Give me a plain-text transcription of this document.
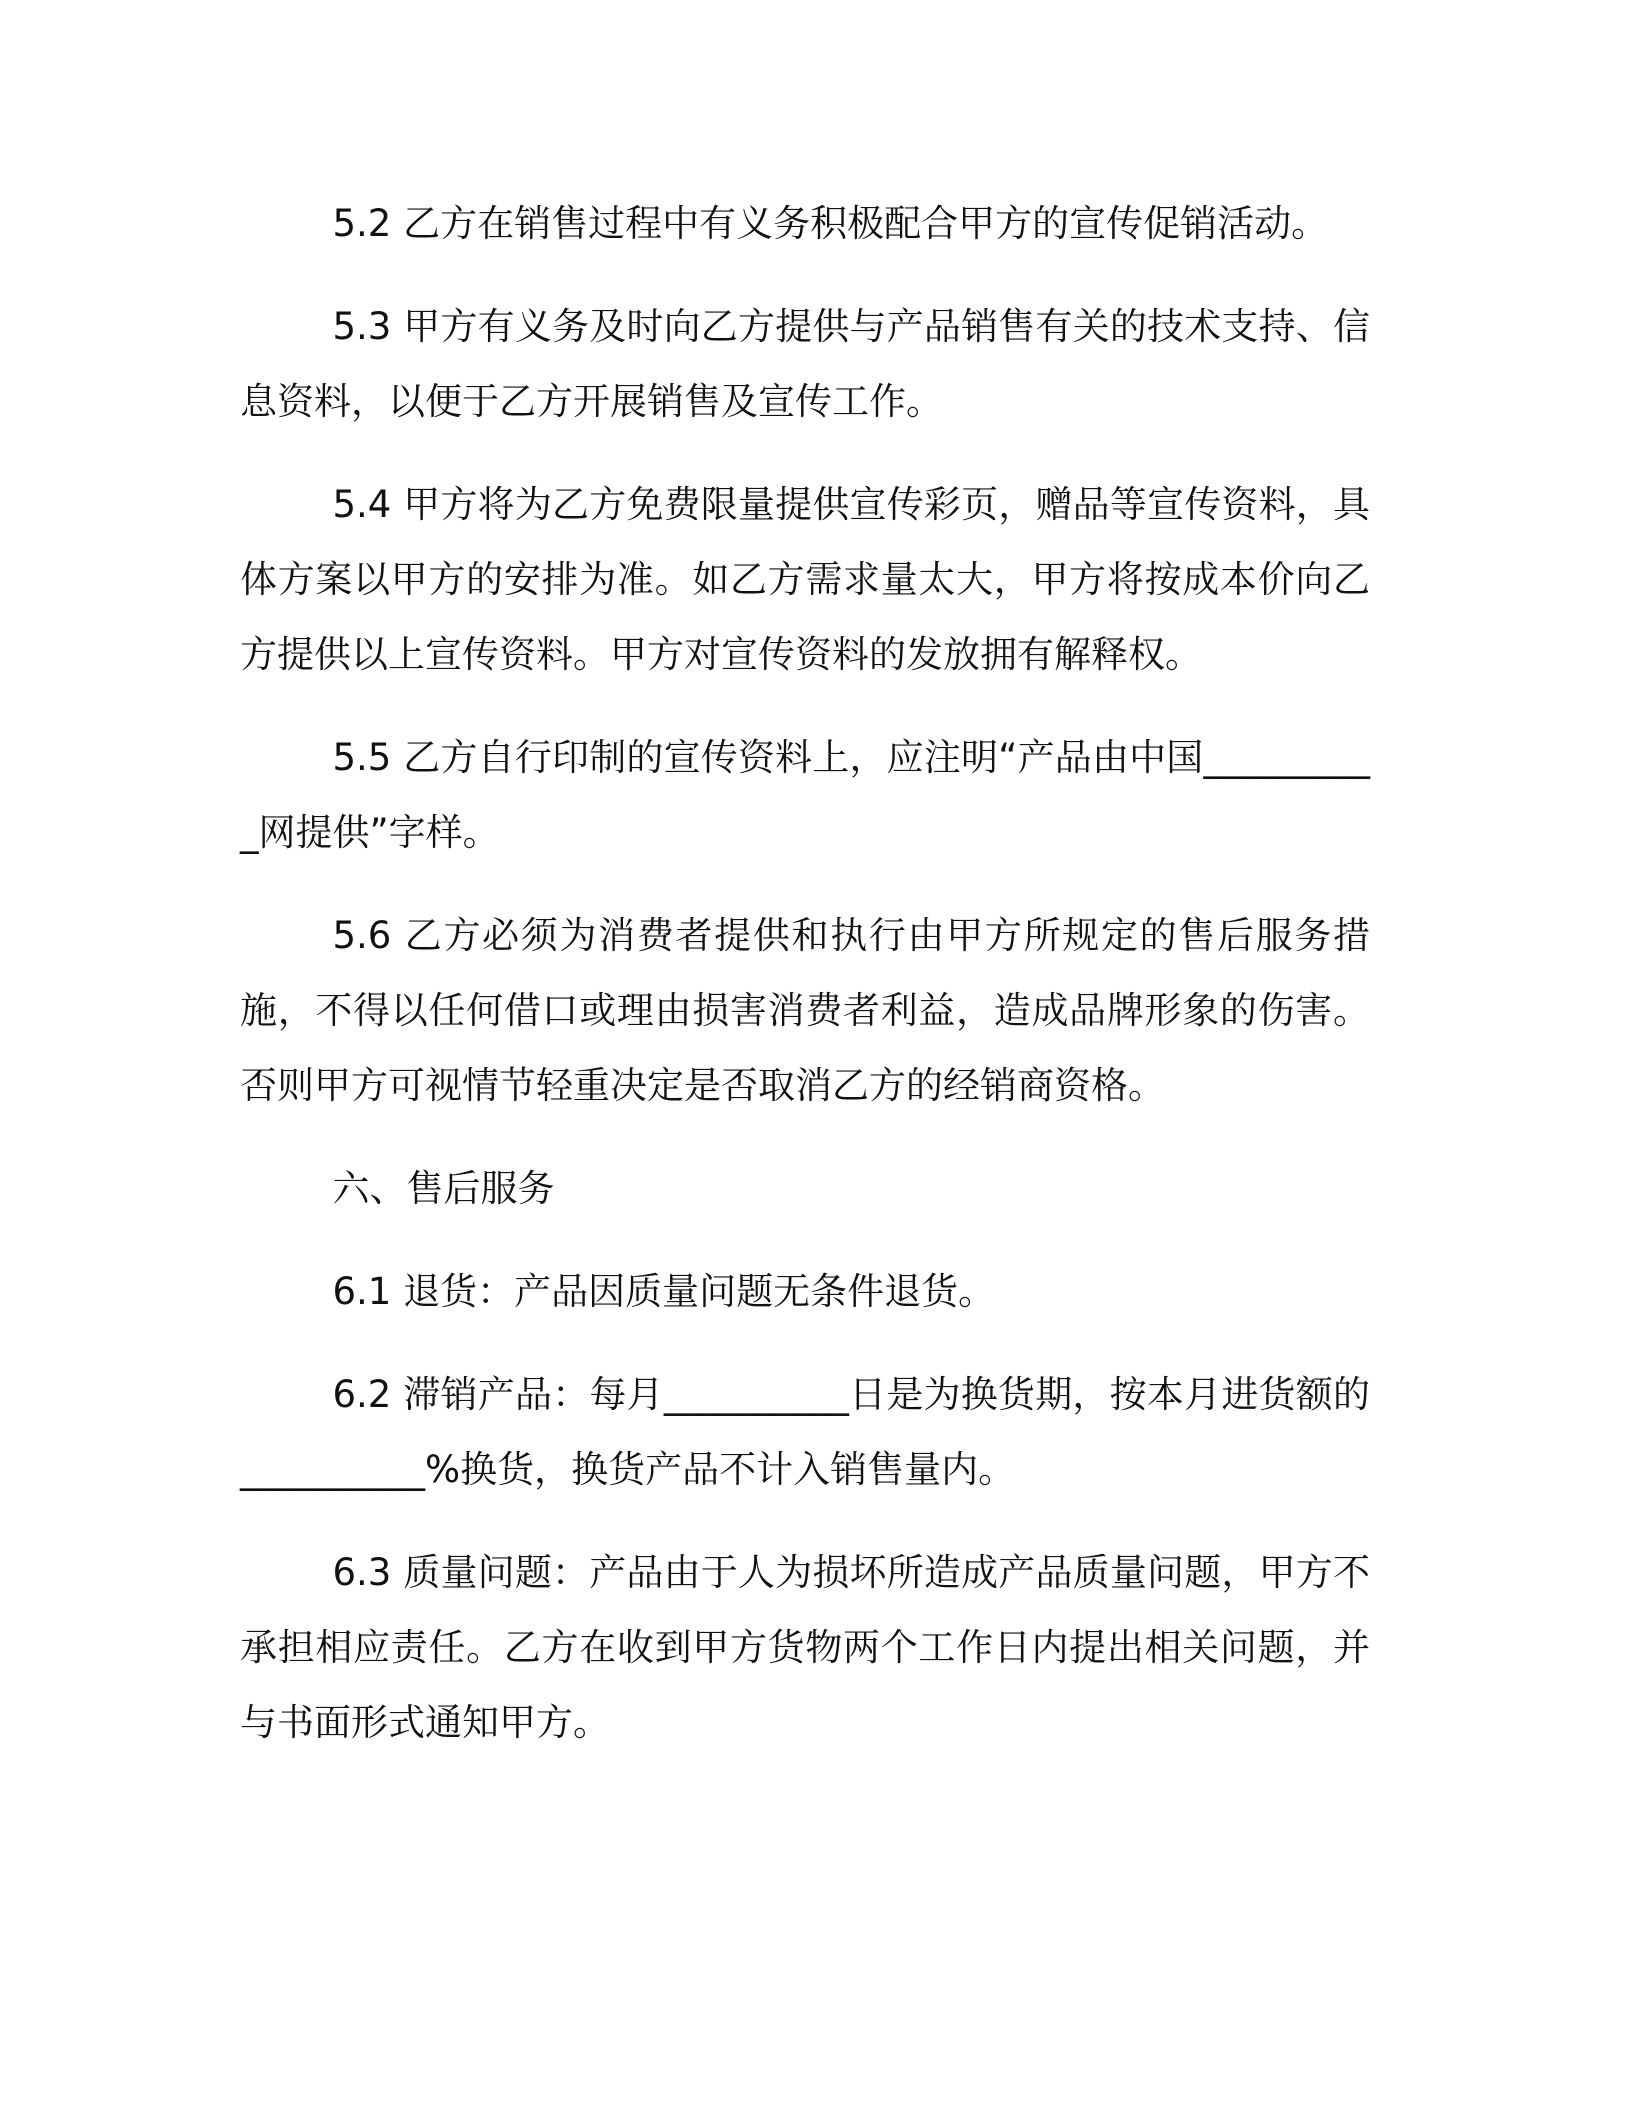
5.2 乙方在销售过程中有义务积极配合甲方的宣传促销活动。

5.3 甲方有义务及时向乙方提供与产品销售有关的技术支持、信息资料，以便于乙方开展销售及宣传工作。

5.4 甲方将为乙方免费限量提供宣传彩页，赠品等宣传资料，具体方案以甲方的安排为准。如乙方需求量太大，甲方将按成本价向乙方提供以上宣传资料。甲方对宣传资料的发放拥有解释权。

5.5 乙方自行印制的宣传资料上，应注明“产品由中国__________网提供”字样。

5.6 乙方必须为消费者提供和执行由甲方所规定的售后服务措施，不得以任何借口或理由损害消费者利益，造成品牌形象的伤害。否则甲方可视情节轻重决定是否取消乙方的经销商资格。

六、售后服务

6.1 退货：产品因质量问题无条件退货。

6.2 滞销产品：每月__________日是为换货期，按本月进货额的__________%换货，换货产品不计入销售量内。

6.3 质量问题：产品由于人为损坏所造成产品质量问题，甲方不承担相应责任。乙方在收到甲方货物两个工作日内提出相关问题，并与书面形式通知甲方。
